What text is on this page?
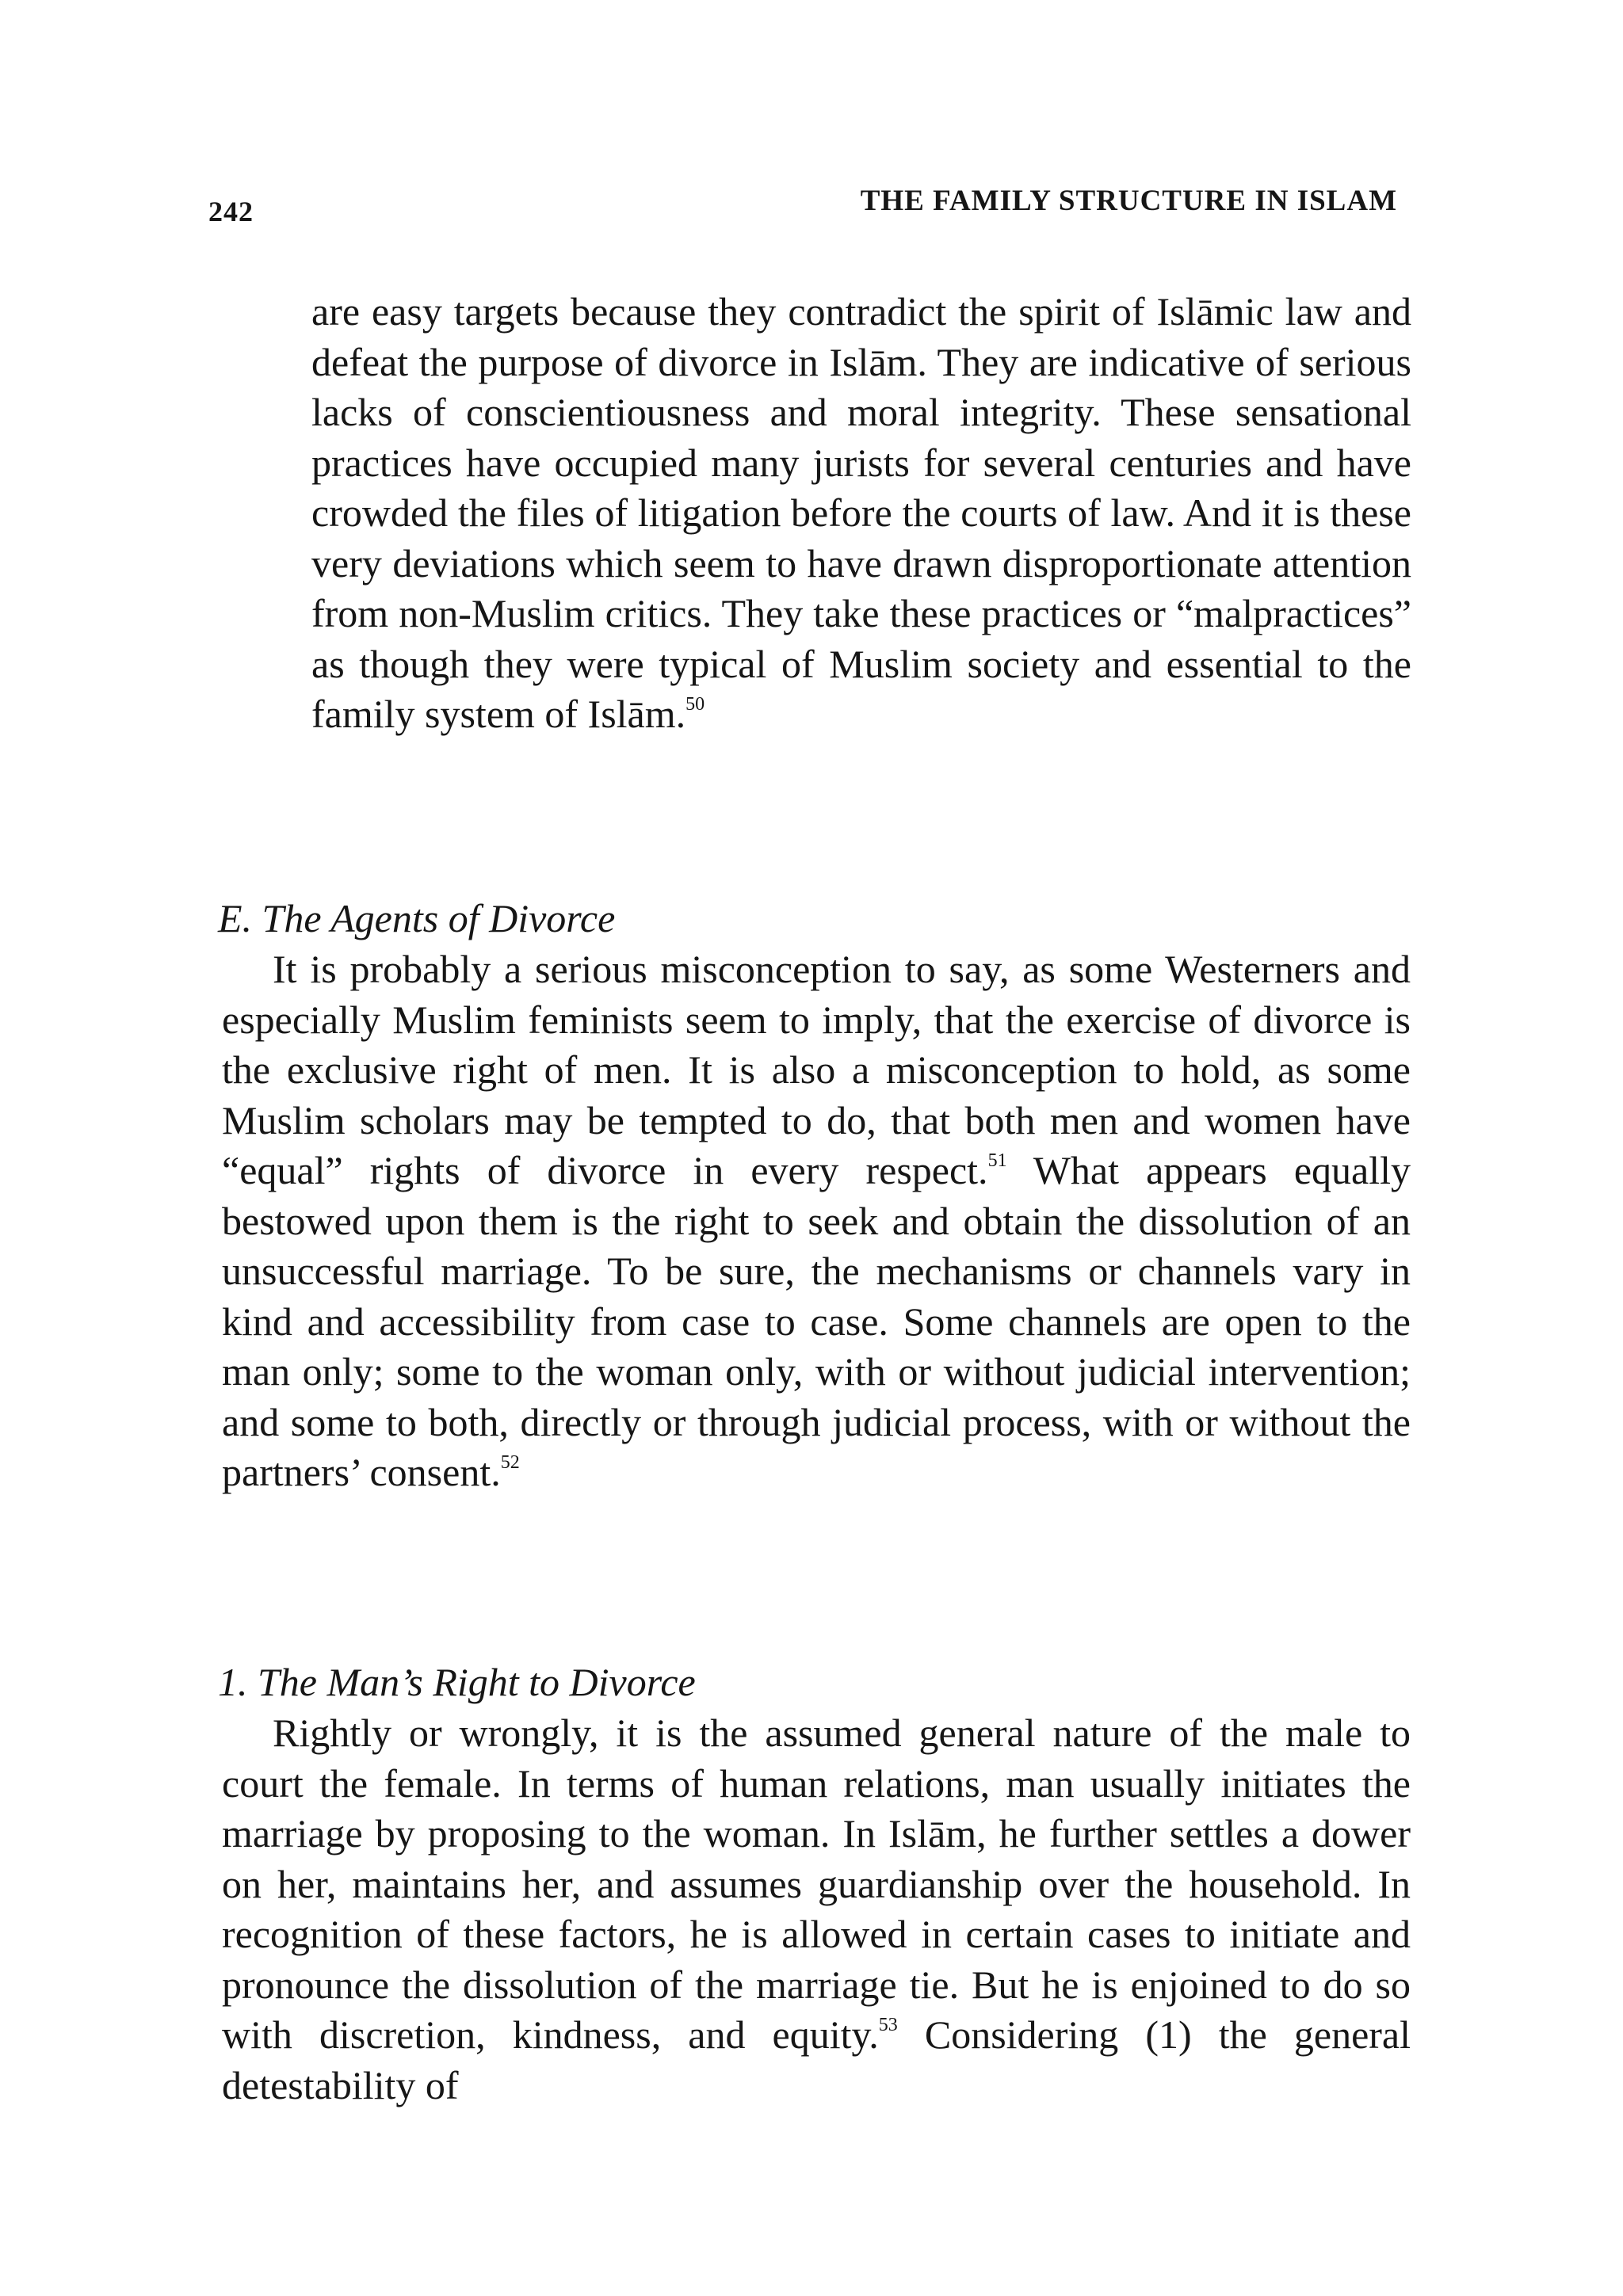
242	THE FAMILY STRUCTURE IN ISLAM

are easy targets because they contradict the spirit of Islāmic law and defeat the purpose of divorce in Islām. They are indicative of serious lacks of conscientiousness and moral integrity. These sensational practices have occupied many jurists for several centuries and have crowded the files of litigation before the courts of law. And it is these very deviations which seem to have drawn disproportionate attention from non-Muslim critics. They take these practices or “malpractices” as though they were typical of Muslim society and essential to the family system of Islām.$^{50}$

E. The Agents of Divorce

It is probably a serious misconception to say, as some Westerners and especially Muslim feminists seem to imply, that the exercise of divorce is the exclusive right of men. It is also a misconception to hold, as some Muslim scholars may be tempted to do, that both men and women have “equal” rights of divorce in every respect.$^{51}$ What appears equally bestowed upon them is the right to seek and obtain the dissolution of an unsuccessful marriage. To be sure, the mechanisms or channels vary in kind and accessibility from case to case. Some channels are open to the man only; some to the woman only, with or without judicial intervention; and some to both, directly or through judicial process, with or without the partners’ consent.$^{52}$

1. The Man’s Right to Divorce

Rightly or wrongly, it is the assumed general nature of the male to court the female. In terms of human relations, man usually initiates the marriage by proposing to the woman. In Islām, he further settles a dower on her, maintains her, and assumes guardianship over the household. In recognition of these factors, he is allowed in certain cases to initiate and pronounce the dissolution of the marriage tie. But he is enjoined to do so with discretion, kindness, and equity.$^{53}$ Considering (1) the general detestability of
